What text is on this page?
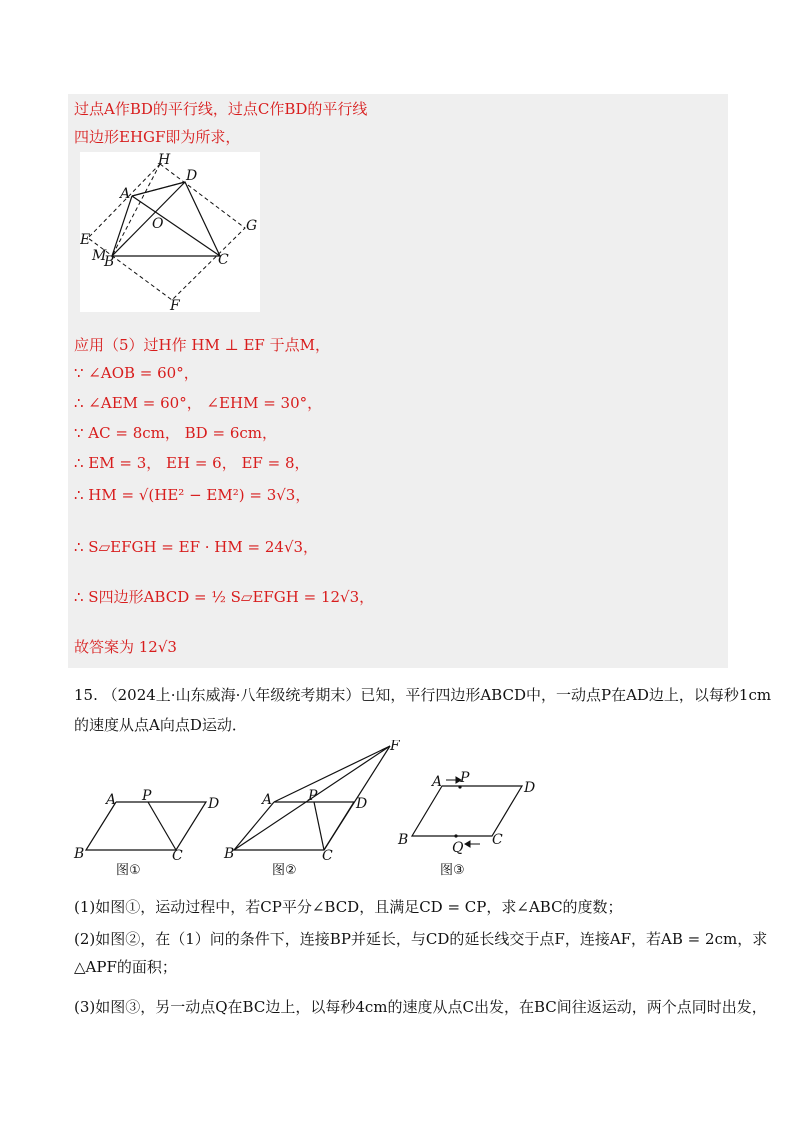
过点A作BD的平行线，过点C作BD的平行线
四边形EHGF即为所求，
H
D
A
O	G
E
M
B	C
F
应用（5）过H作 HM ⊥ EF 于点M，
∵ ∠AOB = 60°，
∴ ∠AEM = 60°， ∠EHM = 30°，
∵ AC = 8cm， BD = 6cm，
∴ EM = 3， EH = 6， EF = 8，
∴ HM = √(HE² − EM²) = 3√3，
∴ S▱EFGH = EF · HM = 24√3，
∴ S四边形ABCD = ½ S▱EFGH = 12√3，
故答案为 12√3
15. （2024上·山东威海·八年级统考期末）已知，平行四边形ABCD中，一动点P在AD边上，以每秒1cm
的速度从点A向点D运动．
A P	D
B	C
图①
A	P	D
B	C
F
图②
A P
D
B	C
Q
图③
(1)如图①，运动过程中，若CP平分∠BCD，且满足CD = CP，求∠ABC的度数；
(2)如图②，在（1）问的条件下，连接BP并延长，与CD的延长线交于点F，连接AF，若AB = 2cm，求
△APF的面积；
(3)如图③，另一动点Q在BC边上，以每秒4cm的速度从点C出发，在BC间往返运动，两个点同时出发，
